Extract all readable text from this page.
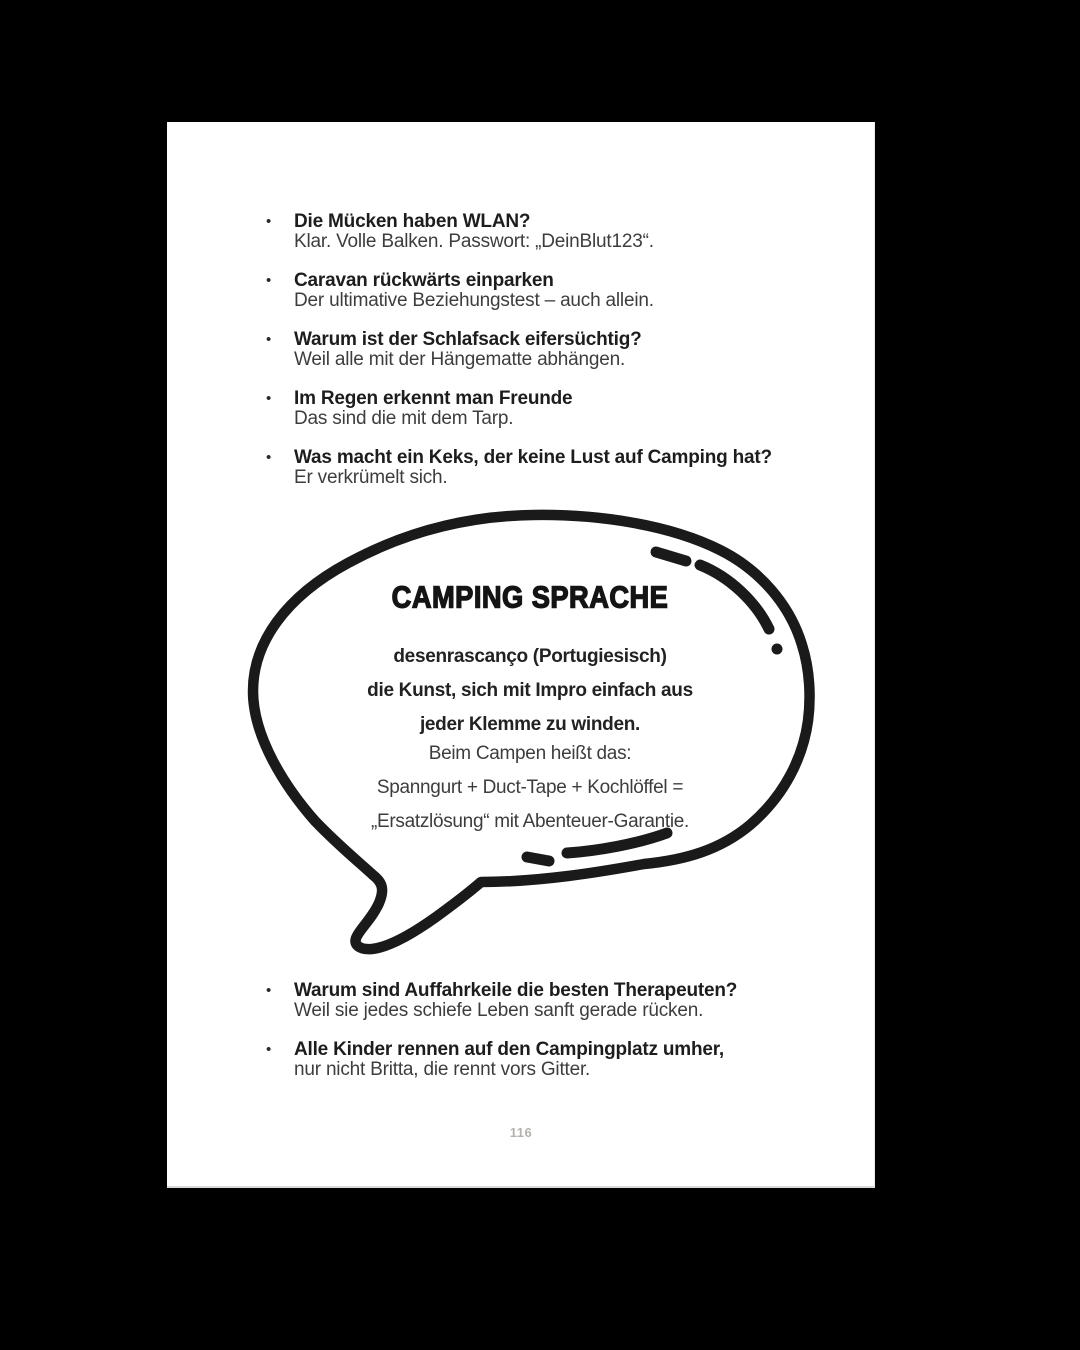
•	Die Mücken haben WLAN?

Klar. Volle Balken. Passwort: „DeinBlut123“.

•	Caravan rückwärts einparken

Der ultimative Beziehungstest – auch allein.

•	Warum ist der Schlafsack eifersüchtig?

Weil alle mit der Hängematte abhängen.

•	Im Regen erkennt man Freunde

Das sind die mit dem Tarp.

•	Was macht ein Keks, der keine Lust auf Camping hat?

Er verkrümelt sich.

CAMPING SPRACHE

desenrascanço (Portugiesisch)

die Kunst, sich mit Impro einfach aus

jeder Klemme zu winden.

Beim Campen heißt das:

Spanngurt + Duct-Tape + Kochlöffel =

„Ersatzlösung“ mit Abenteuer-Garantie.

•	Warum sind Auffahrkeile die besten Therapeuten?

Weil sie jedes schiefe Leben sanft gerade rücken.

•	Alle Kinder rennen auf den Campingplatz umher,

nur nicht Britta, die rennt vors Gitter.

116
